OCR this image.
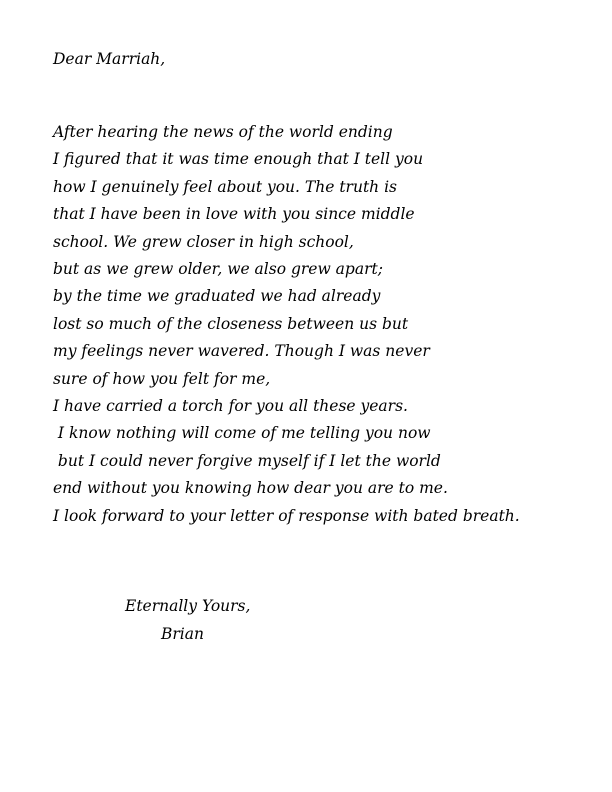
Dear Marriah,
After hearing the news of the world ending
I figured that it was time enough that I tell you
how I genuinely feel about you. The truth is
that I have been in love with you since middle
school. We grew closer in high school,
but as we grew older, we also grew apart;
by the time we graduated we had already
lost so much of the closeness between us but
my feelings never wavered. Though I was never
sure of how you felt for me,
I have carried a torch for you all these years.
I know nothing will come of me telling you now
but I could never forgive myself if I let the world
end without you knowing how dear you are to me.
I look forward to your letter of response with bated breath.
Eternally Yours,
Brian
